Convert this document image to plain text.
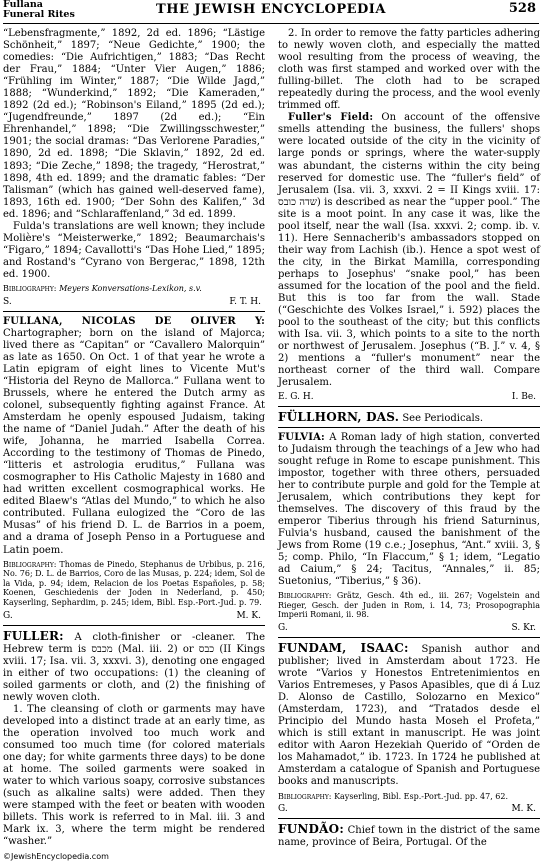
Fullana
Funeral Rites	THE JEWISH ENCYCLOPEDIA	528

“Lebensfragmente,” 1892, 2d ed. 1896; “Lästige Schönheit,” 1897; “Neue Gedichte,” 1900; the comedies: “Die Aufrichtigen,” 1883; “Das Recht der Frau,” 1884; “Unter Vier Augen,” 1886; “Frühling im Winter,” 1887; “Die Wilde Jagd,” 1888; “Wunderkind,” 1892; “Die Kameraden,” 1892 (2d ed.); “Robinson's Eiland,” 1895 (2d ed.); “Jugendfreunde,” 1897 (2d ed.); “Ein Ehrenhandel,” 1898; “Die Zwillingsschwester,” 1901; the social dramas: “Das Verlorene Paradies,” 1890, 2d ed. 1898; “Die Sklavin,” 1892, 2d ed. 1893; “Die Zeche,” 1898; the tragedy, “Herostrat,” 1898, 4th ed. 1899; and the dramatic fables: “Der Talisman” (which has gained well-deserved fame), 1893, 16th ed. 1900; “Der Sohn des Kalifen,” 3d ed. 1896; and “Schlaraffenland,” 3d ed. 1899.

Fulda's translations are well known; they include Molière's “Meisterwerke,” 1892; Beaumarchais's “Figaro,” 1894; Cavallotti's “Das Hohe Lied,” 1895; and Rostand's “Cyrano von Bergerac,” 1898, 12th ed. 1900.

Bibliography: Meyers Konversations-Lexikon, s.v.

S.	F. T. H.

FULLANA, NICOLAS DE OLIVER Y: Chartographer; born on the island of Majorca; lived there as “Capitan” or “Cavallero Malorquin” as late as 1650. On Oct. 1 of that year he wrote a Latin epigram of eight lines to Vicente Mut's “Historia del Reyno de Mallorca.” Fullana went to Brussels, where he entered the Dutch army as colonel, subsequently fighting against France. At Amsterdam he openly espoused Judaism, taking the name of “Daniel Judah.” After the death of his wife, Johanna, he married Isabella Correa. According to the testimony of Thomas de Pinedo, “litteris et astrologia eruditus,” Fullana was cosmographer to His Catholic Majesty in 1680 and had written excellent cosmographical works. He edited Blaew's “Atlas del Mundo,” to which he also contributed. Fullana eulogized the “Coro de las Musas” of his friend D. L. de Barrios in a poem, and a drama of Joseph Penso in a Portuguese and Latin poem.

Bibliography: Thomas de Pinedo, Stephanus de Urbibus, p. 216, No. 76; D. L. de Barrios, Coro de las Musas, p. 224; idem, Sol de la Vida, p. 94; idem, Relacion de los Poetas Españoles, p. 58; Koenen, Geschiedenis der Joden in Nederland, p. 450; Kayserling, Sephardim, p. 245; idem, Bibl. Esp.-Port.-Jud. p. 79.

G.	M. K.

FULLER: A cloth-finisher or -cleaner. The Hebrew term is מכבס (Mal. iii. 2) or כבס (II Kings xviii. 17; Isa. vii. 3, xxxvi. 3), denoting one engaged in either of two occupations: (1) the cleaning of soiled garments or cloth, and (2) the finishing of newly woven cloth.

1. The cleansing of cloth or garments may have developed into a distinct trade at an early time, as the operation involved too much work and consumed too much time (for colored materials one day; for white garments three days) to be done at home. The soiled garments were soaked in water to which various soapy, corrosive substances (such as alkaline salts) were added. Then they were stamped with the feet or beaten with wooden billets. This work is referred to in Mal. iii. 3 and Mark ix. 3, where the term might be rendered “washer.”

2. In order to remove the fatty particles adhering to newly woven cloth, and especially the matted wool resulting from the process of weaving, the cloth was first stamped and worked over with the fulling-billet. The cloth had to be scraped repeatedly during the process, and the wool evenly trimmed off.

Fuller's Field: On account of the offensive smells attending the business, the fullers' shops were located outside of the city in the vicinity of large ponds or springs, where the water-supply was abundant, the cisterns within the city being reserved for domestic use. The “fuller's field” of Jerusalem (Isa. vii. 3, xxxvi. 2 = II Kings xviii. 17: שדה כובס) is described as near the “upper pool.” The site is a moot point. In any case it was, like the pool itself, near the wall (Isa. xxxvi. 2; comp. ib. v. 11). Here Sennacherib's ambassadors stopped on their way from Lachish (ib.). Hence a spot west of the city, in the Birkat Mamilla, corresponding perhaps to Josephus' “snake pool,” has been assumed for the location of the pool and the field. But this is too far from the wall. Stade (“Geschichte des Volkes Israel,” i. 592) places the pool to the southeast of the city; but this conflicts with Isa. vii. 3, which points to a site to the north or northwest of Jerusalem. Josephus (“B. J.” v. 4, § 2) mentions a “fuller's monument” near the northeast corner of the third wall. Compare Jerusalem.

E. G. H.	I. Be.

FÜLLHORN, DAS. See Periodicals.

FULVIA: A Roman lady of high station, converted to Judaism through the teachings of a Jew who had sought refuge in Rome to escape punishment. This impostor, together with three others, persuaded her to contribute purple and gold for the Temple at Jerusalem, which contributions they kept for themselves. The discovery of this fraud by the emperor Tiberius through his friend Saturninus, Fulvia's husband, caused the banishment of the Jews from Rome (19 c.e.; Josephus, “Ant.” xviii. 3, § 5; comp. Philo, “In Flaccum,” § 1; idem, “Legatio ad Caium,” § 24; Tacitus, “Annales,” ii. 85; Suetonius, “Tiberius,” § 36).

Bibliography: Grätz, Gesch. 4th ed., iii. 267; Vogelstein and Rieger, Gesch. der Juden in Rom, i. 14, 73; Prosopographia Imperii Romani, ii. 98.

G.	S. Kr.

FUNDAM, ISAAC: Spanish author and publisher; lived in Amsterdam about 1723. He wrote “Varios y Honestos Entretenimientos en Varios Entremeses, y Pasos Apasibles, que di á Luz D. Alonso de Castillo, Solozarno en Mexico” (Amsterdam, 1723), and “Tratados desde el Principio del Mundo hasta Moseh el Profeta,” which is still extant in manuscript. He was joint editor with Aaron Hezekiah Querido of “Orden de los Mahamadot,” ib. 1723. In 1724 he published at Amsterdam a catalogue of Spanish and Portuguese books and manuscripts.

Bibliography: Kayserling, Bibl. Esp.-Port.-Jud. pp. 47, 62.

G.	M. K.

FUNDÃO: Chief town in the district of the same name, province of Beira, Portugal. Of the

©JewishEncyclopedia.com
